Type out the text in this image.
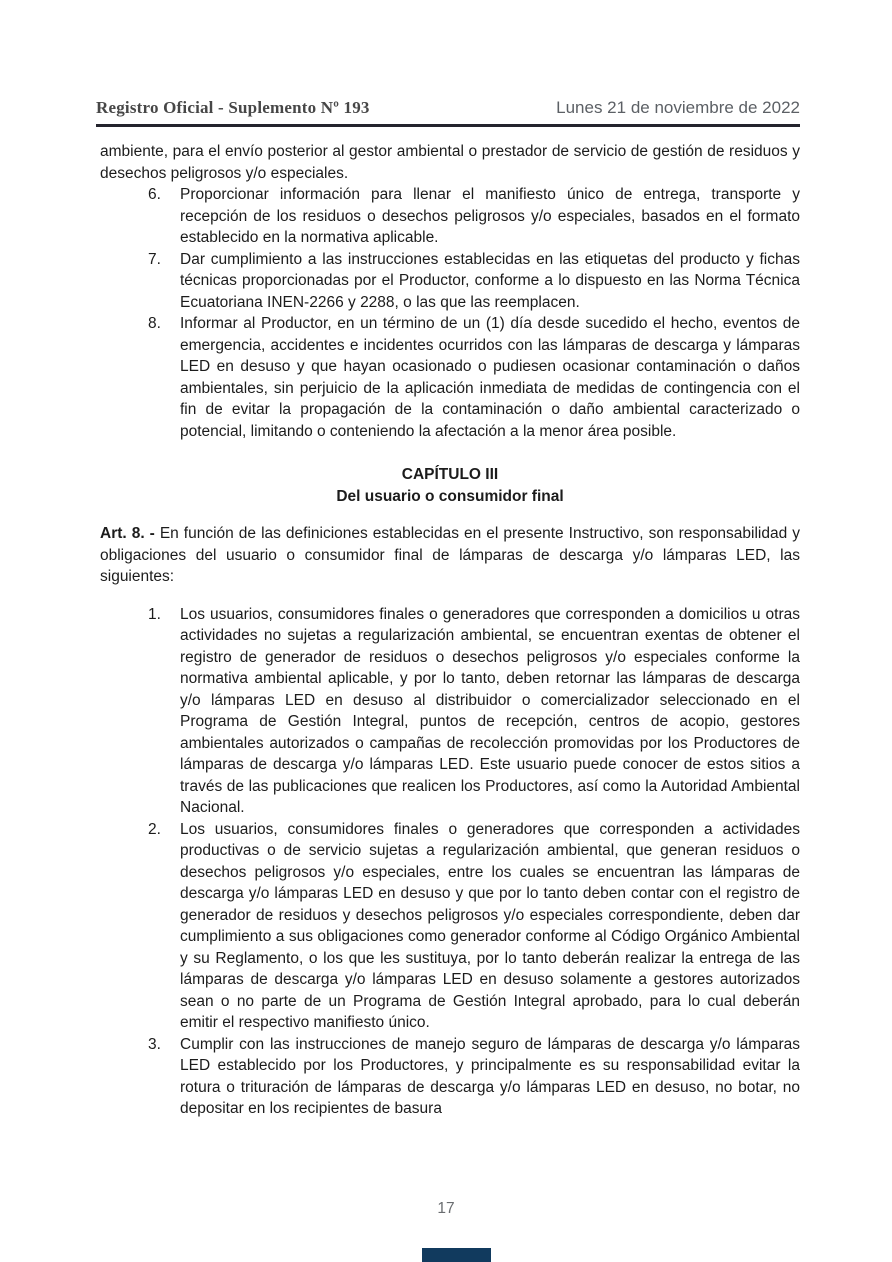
Registro Oficial - Suplemento Nº 193	Lunes 21 de noviembre de 2022

ambiente, para el envío posterior al gestor ambiental o prestador de servicio de gestión de residuos y desechos peligrosos y/o especiales.

6.	Proporcionar información para llenar el manifiesto único de entrega, transporte y recepción de los residuos o desechos peligrosos y/o especiales, basados en el formato establecido en la normativa aplicable.
7.	Dar cumplimiento a las instrucciones establecidas en las etiquetas del producto y fichas técnicas proporcionadas por el Productor, conforme a lo dispuesto en las Norma Técnica Ecuatoriana INEN-2266 y 2288, o las que las reemplacen.
8.	Informar al Productor, en un término de un (1) día desde sucedido el hecho, eventos de emergencia, accidentes e incidentes ocurridos con las lámparas de descarga y lámparas LED en desuso y que hayan ocasionado o pudiesen ocasionar contaminación o daños ambientales, sin perjuicio de la aplicación inmediata de medidas de contingencia con el fin de evitar la propagación de la contaminación o daño ambiental caracterizado o potencial, limitando o conteniendo la afectación a la menor área posible.
CAPÍTULO III
Del usuario o consumidor final

Art. 8. - En función de las definiciones establecidas en el presente Instructivo, son responsabilidad y obligaciones del usuario o consumidor final de lámparas de descarga y/o lámparas LED, las siguientes:

1.	Los usuarios, consumidores finales o generadores que corresponden a domicilios u otras actividades no sujetas a regularización ambiental, se encuentran exentas de obtener el registro de generador de residuos o desechos peligrosos y/o especiales conforme la normativa ambiental aplicable, y por lo tanto, deben retornar las lámparas de descarga y/o lámparas LED en desuso al distribuidor o comercializador seleccionado en el Programa de Gestión Integral, puntos de recepción, centros de acopio, gestores ambientales autorizados o campañas de recolección promovidas por los Productores de lámparas de descarga y/o lámparas LED. Este usuario puede conocer de estos sitios a través de las publicaciones que realicen los Productores, así como la Autoridad Ambiental Nacional.
2.	Los usuarios, consumidores finales o generadores que corresponden a actividades productivas o de servicio sujetas a regularización ambiental, que generan residuos o desechos peligrosos y/o especiales, entre los cuales se encuentran las lámparas de descarga y/o lámparas LED en desuso y que por lo tanto deben contar con el registro de generador de residuos y desechos peligrosos y/o especiales correspondiente, deben dar cumplimiento a sus obligaciones como generador conforme al Código Orgánico Ambiental y su Reglamento, o los que les sustituya, por lo tanto deberán realizar la entrega de las lámparas de descarga y/o lámparas LED en desuso solamente a gestores autorizados sean o no parte de un Programa de Gestión Integral aprobado, para lo cual deberán emitir el respectivo manifiesto único.
3.	Cumplir con las instrucciones de manejo seguro de lámparas de descarga y/o lámparas LED establecido por los Productores, y principalmente es su responsabilidad evitar la rotura o trituración de lámparas de descarga y/o lámparas LED en desuso, no botar, no depositar en los recipientes de basura
17
